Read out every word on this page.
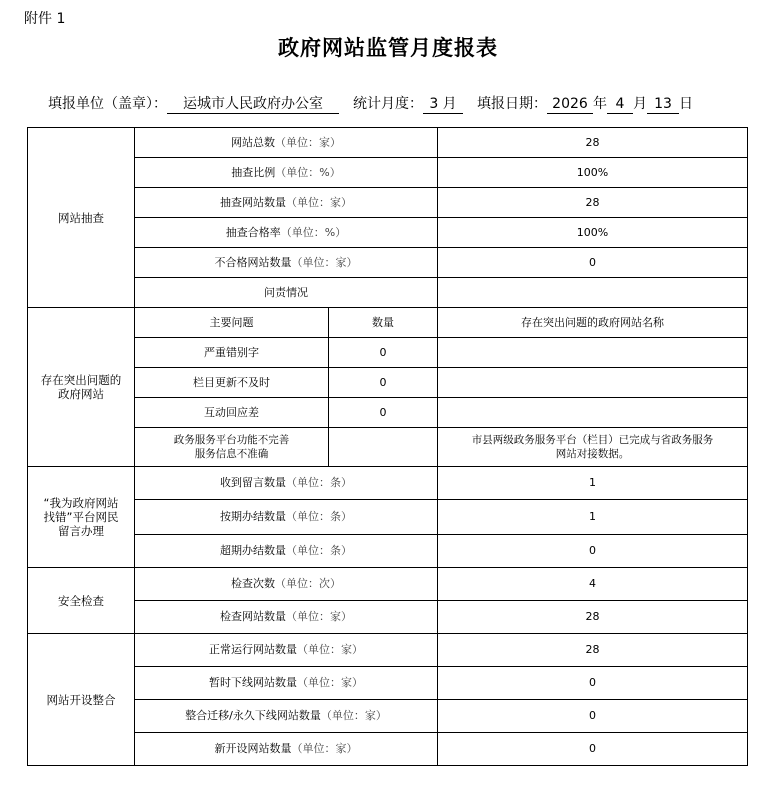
附件 1
政府网站监管月度报表
填报单位（盖章）： 运城市人民政府办公室 统计月度： 3 月 填报日期： 2026 年 4 月 13 日
网站抽查	网站总数（单位：家）		28
	抽查比例（单位：%）		100%
	抽查网站数量（单位：家）		28
	抽查合格率（单位：%）		100%
	不合格网站数量（单位：家）		0
	问责情况		
存在突出问题的
政府网站	主要问题	数量	存在突出问题的政府网站名称
	严重错别字	0	
	栏目更新不及时	0	
	互动回应差	0	
	政务服务平台功能不完善
服务信息不准确		市县两级政务服务平台（栏目）已完成与省政务服务
网站对接数据。
“我为政府网站
找错”平台网民
留言办理	收到留言数量（单位：条）		1
	按期办结数量（单位：条）		1
	超期办结数量（单位：条）		0
安全检查	检查次数（单位：次）		4
	检查网站数量（单位：家）		28
网站开设整合	正常运行网站数量（单位：家）		28
	暂时下线网站数量（单位：家）		0
	整合迁移/永久下线网站数量（单位：家）		0
	新开设网站数量（单位：家）		0
